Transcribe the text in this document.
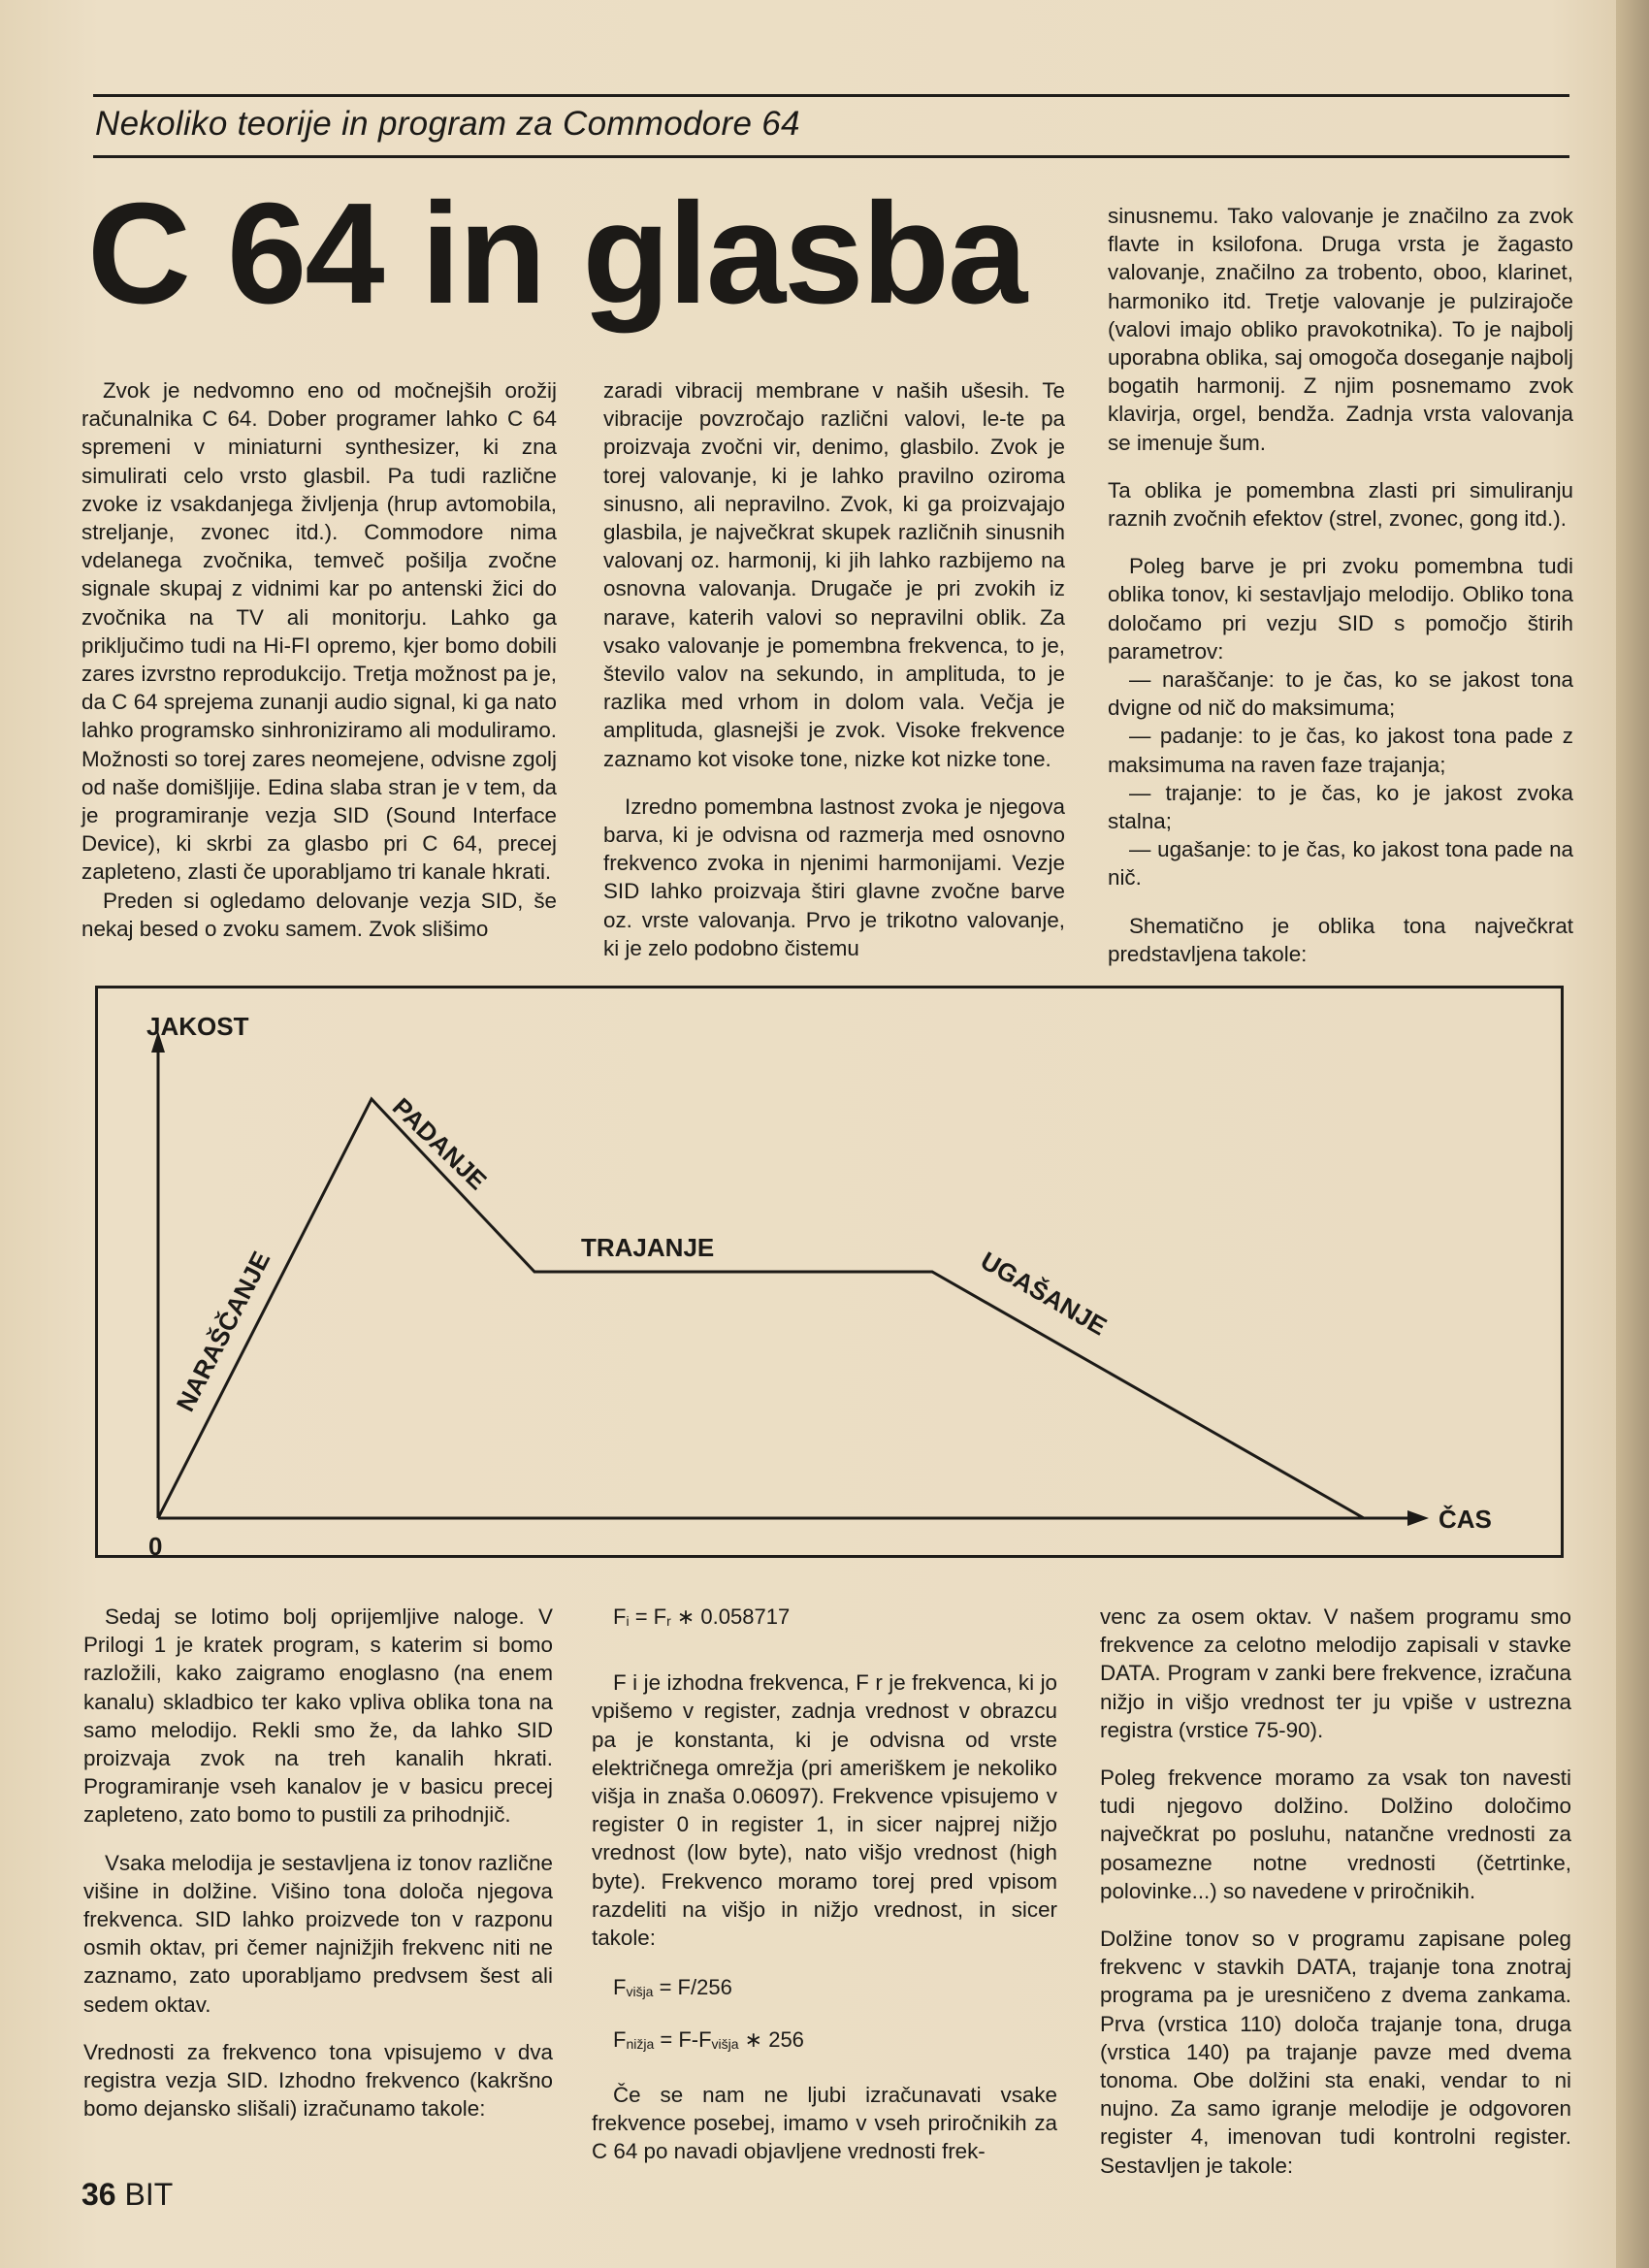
Nekoliko teorije in program za Commodore 64
C 64 in glasba

Zvok je nedvomno eno od močnejših orožij računalnika C 64. Dober programer lahko C 64 spremeni v miniaturni synthesizer, ki zna simulirati celo vrsto glasbil. Pa tudi različne zvoke iz vsakdanjega življenja (hrup avtomobila, streljanje, zvonec itd.). Commodore nima vdelanega zvočnika, temveč pošilja zvočne signale skupaj z vidnimi kar po antenski žici do zvočnika na TV ali monitorju. Lahko ga priključimo tudi na Hi-FI opremo, kjer bomo dobili zares izvrstno reprodukcijo. Tretja možnost pa je, da C 64 sprejema zunanji audio signal, ki ga nato lahko programsko sinhroniziramo ali moduliramo. Možnosti so torej zares neomejene, odvisne zgolj od naše domišljije. Edina slaba stran je v tem, da je programiranje vezja SID (Sound Interface Device), ki skrbi za glasbo pri C 64, precej zapleteno, zlasti če uporabljamo tri kanale hkrati.

Preden si ogledamo delovanje vezja SID, še nekaj besed o zvoku samem. Zvok slišimo

zaradi vibracij membrane v naših ušesih. Te vibracije povzročajo različni valovi, le-te pa proizvaja zvočni vir, denimo, glasbilo. Zvok je torej valovanje, ki je lahko pravilno oziroma sinusno, ali nepravilno. Zvok, ki ga proizvajajo glasbila, je največkrat skupek različnih sinusnih valovanj oz. harmonij, ki jih lahko razbijemo na osnovna valovanja. Drugače je pri zvokih iz narave, katerih valovi so nepravilni oblik. Za vsako valovanje je pomembna frekvenca, to je, število valov na sekundo, in amplituda, to je razlika med vrhom in dolom vala. Večja je amplituda, glasnejši je zvok. Visoke frekvence zaznamo kot visoke tone, nizke kot nizke tone.

Izredno pomembna lastnost zvoka je njegova barva, ki je odvisna od razmerja med osnovno frekvenco zvoka in njenimi harmonijami. Vezje SID lahko proizvaja štiri glavne zvočne barve oz. vrste valovanja. Prvo je trikotno valovanje, ki je zelo podobno čistemu

sinusnemu. Tako valovanje je značilno za zvok flavte in ksilofona. Druga vrsta je žagasto valovanje, značilno za trobento, oboo, klarinet, harmoniko itd. Tretje valovanje je pulzirajoče (valovi imajo obliko pravokotnika). To je najbolj uporabna oblika, saj omogoča doseganje najbolj bogatih harmonij. Z njim posnemamo zvok klavirja, orgel, bendža. Zadnja vrsta valovanja se imenuje šum.

Ta oblika je pomembna zlasti pri simuliranju raznih zvočnih efektov (strel, zvonec, gong itd.).

Poleg barve je pri zvoku pomembna tudi oblika tonov, ki sestavljajo melodijo. Obliko tona določamo pri vezju SID s pomočjo štirih parametrov:

— naraščanje: to je čas, ko se jakost tona dvigne od nič do maksimuma;

— padanje: to je čas, ko jakost tona pade z maksimuma na raven faze trajanja;

— trajanje: to je čas, ko je jakost zvoka stalna;

— ugašanje: to je čas, ko jakost tona pade na nič.

Shematično je oblika tona največkrat predstavljena takole:

JAKOST
0
ČAS
NARAŠČANJE
PADANJE
TRAJANJE	UGAŠANJE

Sedaj se lotimo bolj oprijemljive naloge. V Prilogi 1 je kratek program, s katerim si bomo razložili, kako zaigramo enoglasno (na enem kanalu) skladbico ter kako vpliva oblika tona na samo melodijo. Rekli smo že, da lahko SID proizvaja zvok na treh kanalih hkrati. Programiranje vseh kanalov je v basicu precej zapleteno, zato bomo to pustili za prihodnjič.

Vsaka melodija je sestavljena iz tonov različne višine in dolžine. Višino tona določa njegova frekvenca. SID lahko proizvede ton v razponu osmih oktav, pri čemer najnižjih frekvenc niti ne zaznamo, zato uporabljamo predvsem šest ali sedem oktav.

Vrednosti za frekvenco tona vpisujemo v dva registra vezja SID. Izhodno frekvenco (kakršno bomo dejansko slišali) izračunamo takole:

$F_i = F_r$ ∗ 0.058717

F i je izhodna frekvenca, F r je frekvenca, ki jo vpišemo v register, zadnja vrednost v obrazcu pa je konstanta, ki je odvisna od vrste električnega omrežja (pri ameriškem je nekoliko višja in znaša 0.06097). Frekvence vpisujemo v register 0 in register 1, in sicer najprej nižjo vrednost (low byte), nato višjo vrednost (high byte). Frekvenco moramo torej pred vpisom razdeliti na višjo in nižjo vrednost, in sicer takole:

$F_{višja} = F/256$

$F_{nižja} = F-F_{višja}$ ∗ 256

Če se nam ne ljubi izračunavati vsake frekvence posebej, imamo v vseh priročnikih za C 64 po navadi objavljene vrednosti frek-

venc za osem oktav. V našem programu smo frekvence za celotno melodijo zapisali v stavke DATA. Program v zanki bere frekvence, izračuna nižjo in višjo vrednost ter ju vpiše v ustrezna registra (vrstice 75-90).

Poleg frekvence moramo za vsak ton navesti tudi njegovo dolžino. Dolžino določimo največkrat po posluhu, natančne vrednosti za posamezne notne vrednosti (četrtinke, polovinke...) so navedene v priročnikih.

Dolžine tonov so v programu zapisane poleg frekvenc v stavkih DATA, trajanje tona znotraj programa pa je uresničeno z dvema zankama. Prva (vrstica 110) določa trajanje tona, druga (vrstica 140) pa trajanje pavze med dvema tonoma. Obe dolžini sta enaki, vendar to ni nujno. Za samo igranje melodije je odgovoren register 4, imenovan tudi kontrolni register. Sestavljen je takole:

36 BIT
